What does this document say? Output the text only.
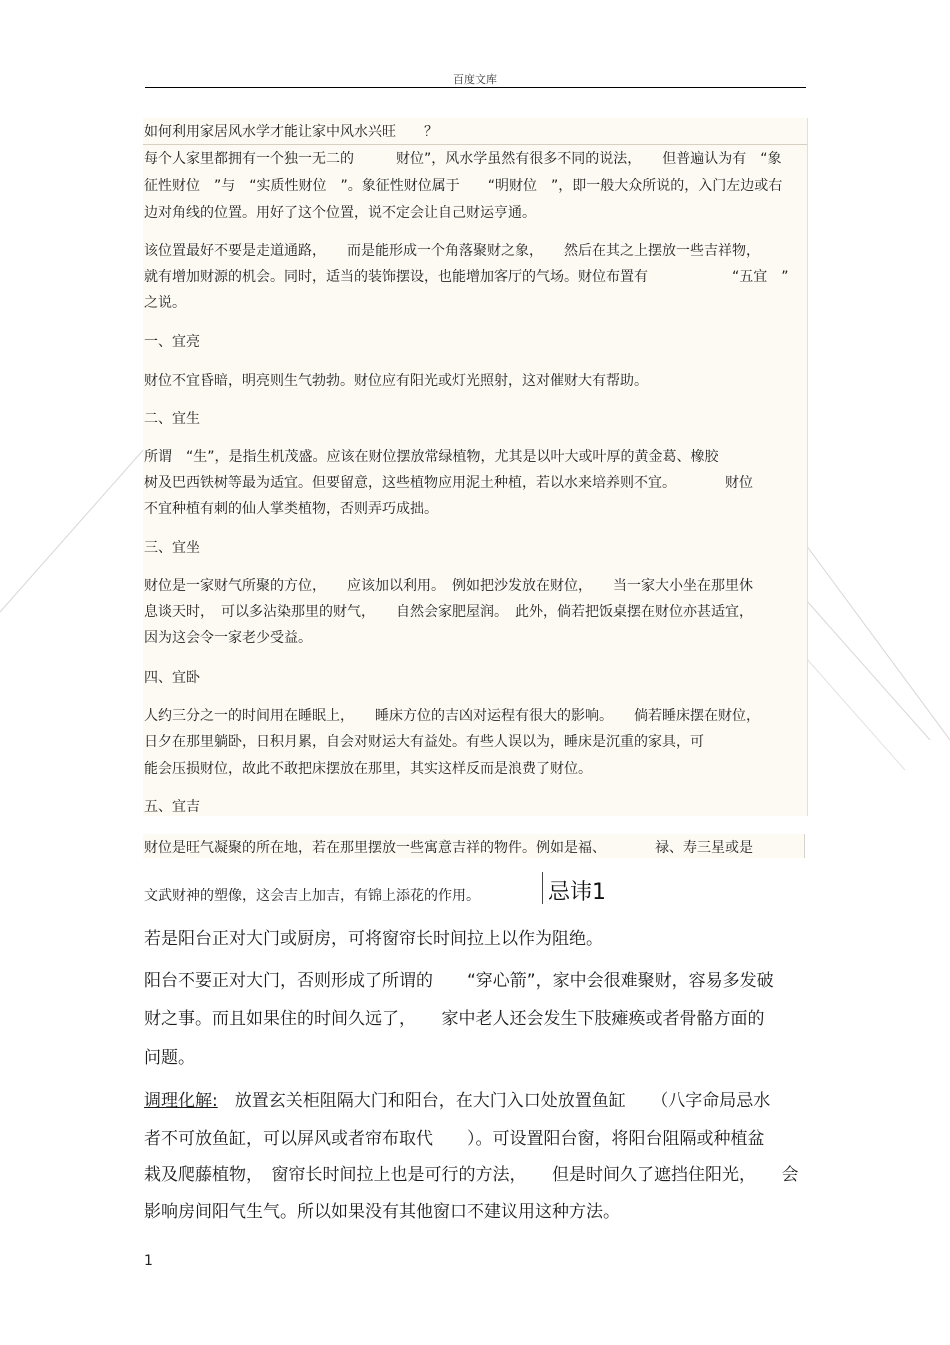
百度文库
如何利用家居风水学才能让家中风水兴旺　　？
每个人家里都拥有一个独一无二的　　　财位”，风水学虽然有很多不同的说法，　　但普遍认为有　“象
征性财位　”与　“实质性财位　”。象征性财位属于　　“明财位　”，即一般大众所说的，入门左边或右
边对角线的位置。用好了这个位置，说不定会让自己财运亨通。
该位置最好不要是走道通路，　　而是能形成一个角落聚财之象，　　然后在其之上摆放一些吉祥物，
就有增加财源的机会。同时，适当的装饰摆设，也能增加客厅的气场。财位布置有　　　　　　“五宜　”
之说。
一、宜亮
财位不宜昏暗，明亮则生气勃勃。财位应有阳光或灯光照射，这对催财大有帮助。
二、宜生
所谓　“生”，是指生机茂盛。应该在财位摆放常绿植物，尤其是以叶大或叶厚的黄金葛、橡胶
树及巴西铁树等最为适宜。但要留意，这些植物应用泥土种植，若以水来培养则不宜。　　　　财位
不宜种植有刺的仙人掌类植物，否则弄巧成拙。
三、宜坐
财位是一家财气所聚的方位，　　应该加以利用。　例如把沙发放在财位，　　当一家大小坐在那里休
息谈天时，　可以多沾染那里的财气，　　自然会家肥屋润。　此外，倘若把饭桌摆在财位亦甚适宜，
因为这会令一家老少受益。
四、宜卧
人约三分之一的时间用在睡眠上，　　睡床方位的吉凶对运程有很大的影响。　　倘若睡床摆在财位，
日夕在那里躺卧，日积月累，自会对财运大有益处。有些人误以为，睡床是沉重的家具，可
能会压损财位，故此不敢把床摆放在那里，其实这样反而是浪费了财位。
五、宜吉
财位是旺气凝聚的所在地，若在那里摆放一些寓意吉祥的物件。例如是福、　　　　禄、寿三星或是
文武财神的塑像，这会吉上加吉，有锦上添花的作用。	忌讳1
若是阳台正对大门或厨房，可将窗帘长时间拉上以作为阻绝。
阳台不要正对大门，否则形成了所谓的　　“穿心箭”，家中会很难聚财，容易多发破
财之事。而且如果住的时间久远了，　　家中老人还会发生下肢瘫痪或者骨骼方面的
问题。
调理化解:　放置玄关柜阻隔大门和阳台，在大门入口处放置鱼缸　　（八字命局忌水
者不可放鱼缸，可以屏风或者帘布取代　　）。可设置阳台窗，将阳台阻隔或种植盆
栽及爬藤植物，　窗帘长时间拉上也是可行的方法，　　但是时间久了遮挡住阳光，　　会
影响房间阳气生气。所以如果没有其他窗口不建议用这种方法。
1
